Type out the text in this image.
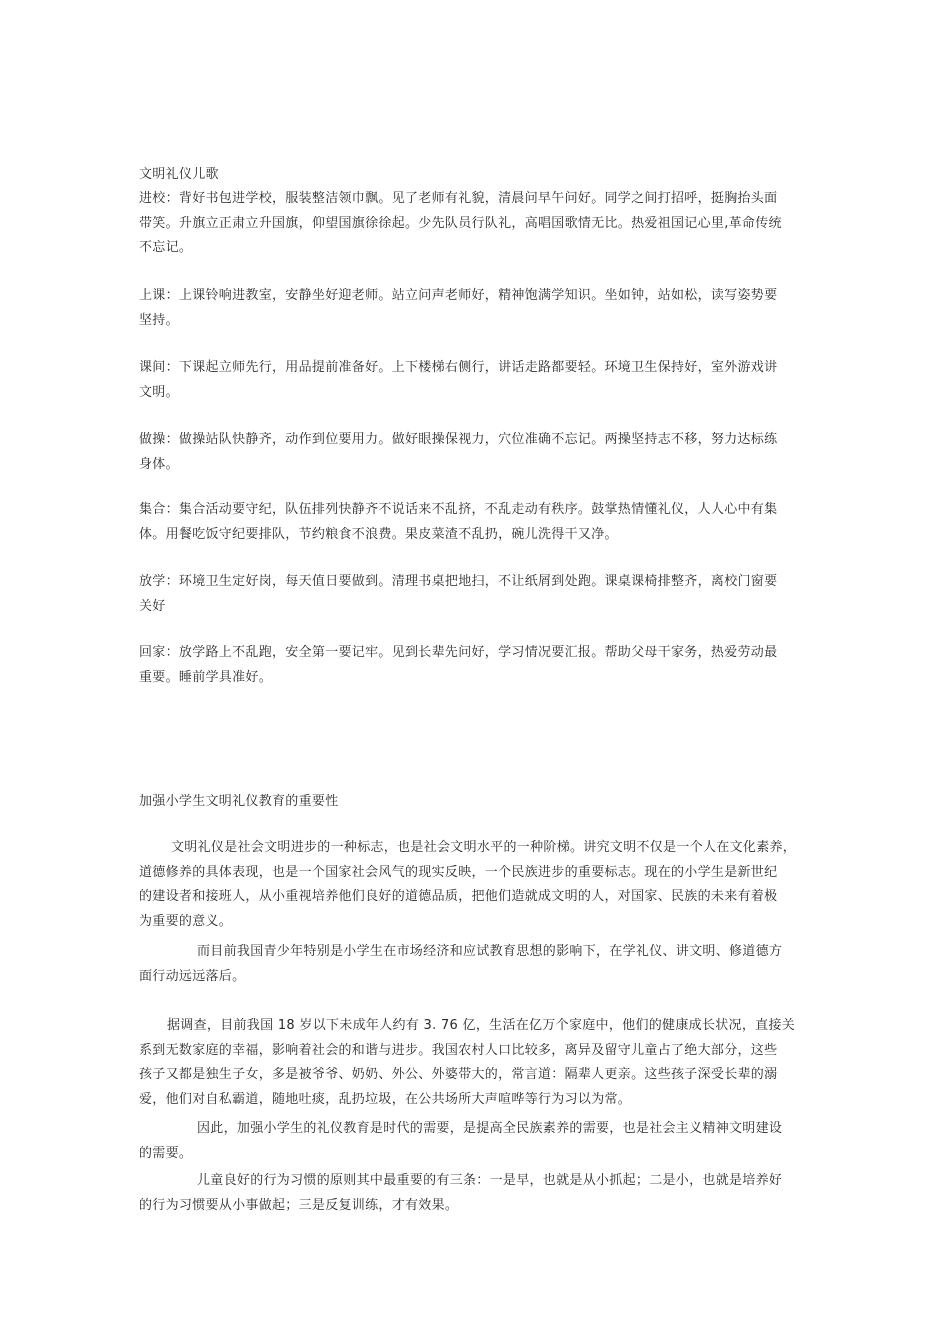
文明礼仪儿歌

进校：背好书包进学校，服装整洁领巾飘。见了老师有礼貌，清晨问早午问好。同学之间打招呼，挺胸抬头面
带笑。升旗立正肃立升国旗，仰望国旗徐徐起。少先队员行队礼，高唱国歌情无比。热爱祖国记心里,革命传统
不忘记。

上课：上课铃响进教室，安静坐好迎老师。站立问声老师好，精神饱满学知识。坐如钟，站如松，读写姿势要
坚持。

课间：下课起立师先行，用品提前准备好。上下楼梯右侧行，讲话走路都要轻。环境卫生保持好，室外游戏讲
文明。

做操：做操站队快静齐，动作到位要用力。做好眼操保视力，穴位准确不忘记。两操坚持志不移，努力达标练
身体。

集合：集合活动要守纪，队伍排列快静齐不说话来不乱挤，不乱走动有秩序。鼓掌热情懂礼仪，人人心中有集
体。用餐吃饭守纪要排队，节约粮食不浪费。果皮菜渣不乱扔，碗儿洗得干又净。

放学：环境卫生定好岗，每天值日要做到。清理书桌把地扫，不让纸屑到处跑。课桌课椅排整齐，离校门窗要
关好

回家：放学路上不乱跑，安全第一要记牢。见到长辈先问好，学习情况要汇报。帮助父母干家务，热爱劳动最
重要。睡前学具准好。

加强小学生文明礼仪教育的重要性

文明礼仪是社会文明进步的一种标志，也是社会文明水平的一种阶梯。讲究文明不仅是一个人在文化素养，
道德修养的具体表现，也是一个国家社会风气的现实反映，一个民族进步的重要标志。现在的小学生是新世纪
的建设者和接班人，从小重视培养他们良好的道德品质，把他们造就成文明的人，对国家、民族的未来有着极
为重要的意义。

而目前我国青少年特别是小学生在市场经济和应试教育思想的影响下，在学礼仪、讲文明、修道德方
面行动远远落后。

据调查，目前我国 18 岁以下未成年人约有 3. 76 亿，生活在亿万个家庭中，他们的健康成长状况，直接关
系到无数家庭的幸福，影响着社会的和谐与进步。我国农村人口比较多，离异及留守儿童占了绝大部分，这些
孩子又都是独生子女，多是被爷爷、奶奶、外公、外婆带大的，常言道：隔辈人更亲。这些孩子深受长辈的溺
爱，他们对自私霸道，随地吐痰，乱扔垃圾，在公共场所大声喧哗等行为习以为常。

因此，加强小学生的礼仪教育是时代的需要，是提高全民族素养的需要，也是社会主义精神文明建设
的需要。

儿童良好的行为习惯的原则其中最重要的有三条：一是早，也就是从小抓起；二是小，也就是培养好
的行为习惯要从小事做起；三是反复训练，才有效果。
